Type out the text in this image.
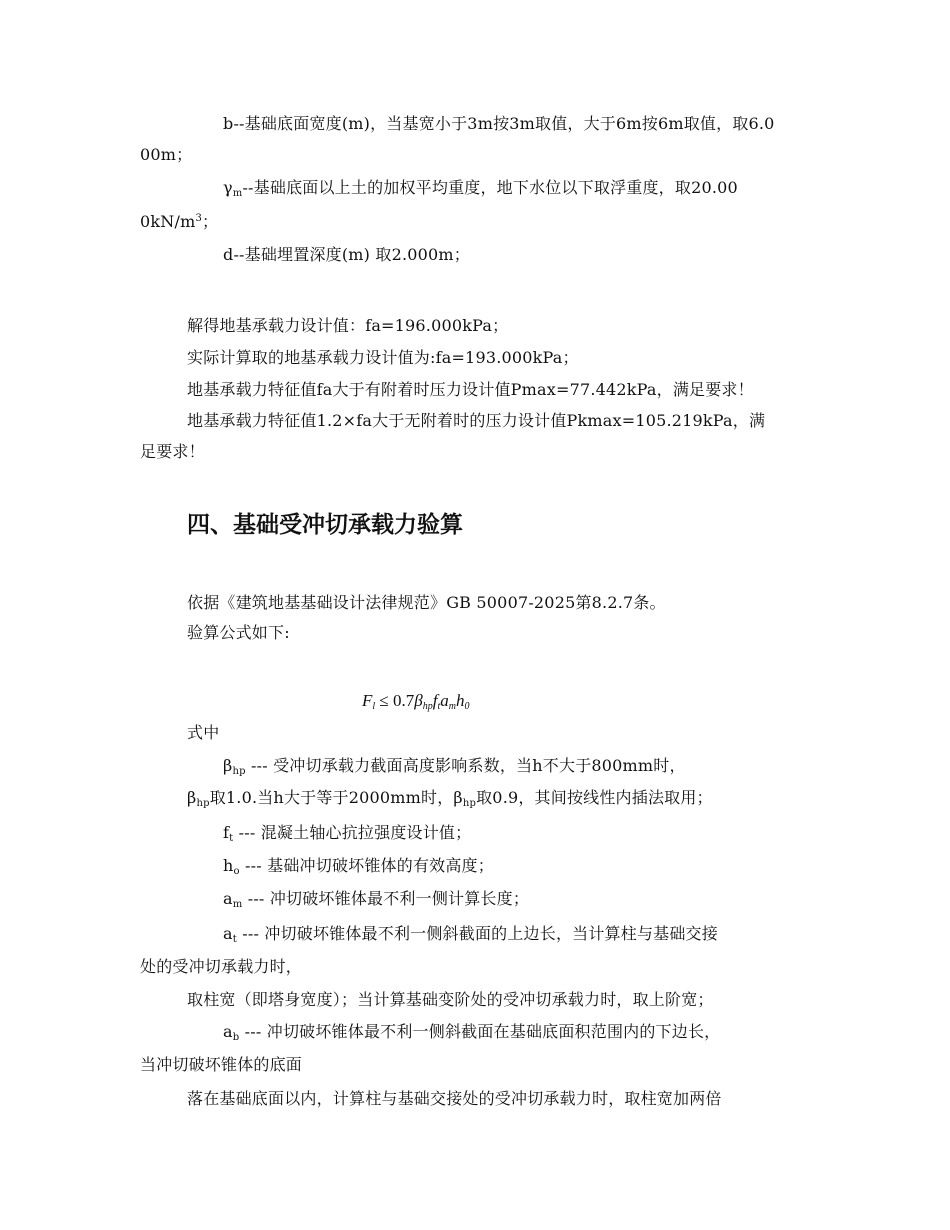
b--基础底面宽度(m)，当基宽小于3m按3m取值，大于6m按6m取值，取6.0
00m；
$\gamma_m--$基础底面以上土的加权平均重度，地下水位以下取浮重度，取20.00
$0kN/m^3$；
d--基础埋置深度(m) 取2.000m；
解得地基承载力设计值：fa=196.000kPa；
实际计算取的地基承载力设计值为:fa=193.000kPa；
地基承载力特征值fa大于有附着时压力设计值Pmax=77.442kPa，满足要求！
地基承载力特征值1.2×fa大于无附着时的压力设计值Pkmax=105.219kPa，满
足要求！
四、基础受冲切承载力验算
依据《建筑地基基础设计法律规范》GB 50007-2025第8.2.7条。
验算公式如下:
$F_l \le 0.7\beta_{hp}f_ta_mh_0$
式中
$\beta_{hp}$ --- 受冲切承载力截面高度影响系数，当h不大于800mm时，
$\beta_{hp}$取1.0.当h大于等于2000mm时，$\beta_{hp}$取0.9，其间按线性内插法取用；
$f_t$ --- 混凝土轴心抗拉强度设计值；
$h_o$ --- 基础冲切破坏锥体的有效高度；
$a_m$ --- 冲切破坏锥体最不利一侧计算长度；
$a_t$ --- 冲切破坏锥体最不利一侧斜截面的上边长，当计算柱与基础交接
处的受冲切承载力时，
取柱宽（即塔身宽度）；当计算基础变阶处的受冲切承载力时，取上阶宽；
$a_b$ --- 冲切破坏锥体最不利一侧斜截面在基础底面积范围内的下边长，
当冲切破坏锥体的底面
落在基础底面以内，计算柱与基础交接处的受冲切承载力时，取柱宽加两倍
